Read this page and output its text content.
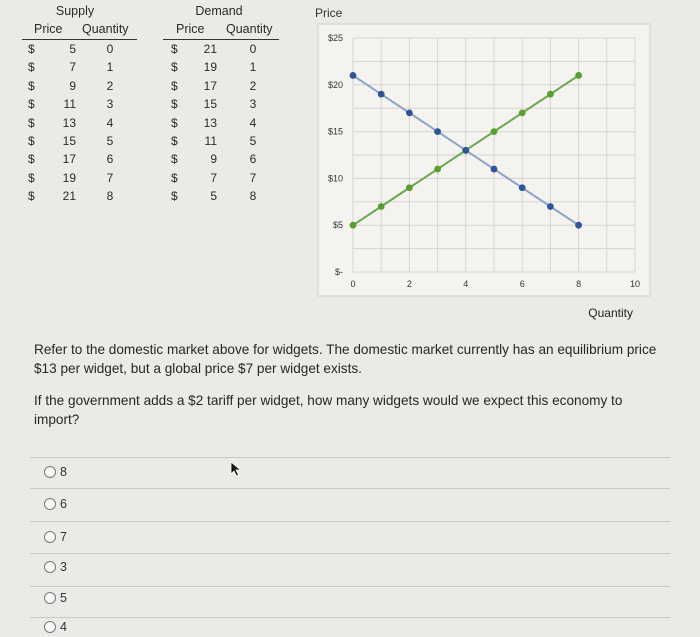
Supply
Price Quantity
$	5	0
$	7	1
$	9	2
$	11	3
$	13	4
$	15	5
$	17	6
$	19	7
$	21	8
Demand
Price Quantity
$	21	0
$	19	1
$	17	2
$	15	3
$	13	4
$	11	5
$	9	6
$	7	7
$	5	8
Price
$25
$20
$15
$10
$5
$-
0	2	4	6	8	10
Quantity
Refer to the domestic market above for widgets. The domestic market currently has an equilibrium price $13 per widget, but a global price $7 per widget exists.
If the government adds a $2 tariff per widget, how many widgets would we expect this economy to import?
8
6
7
3
5
4
